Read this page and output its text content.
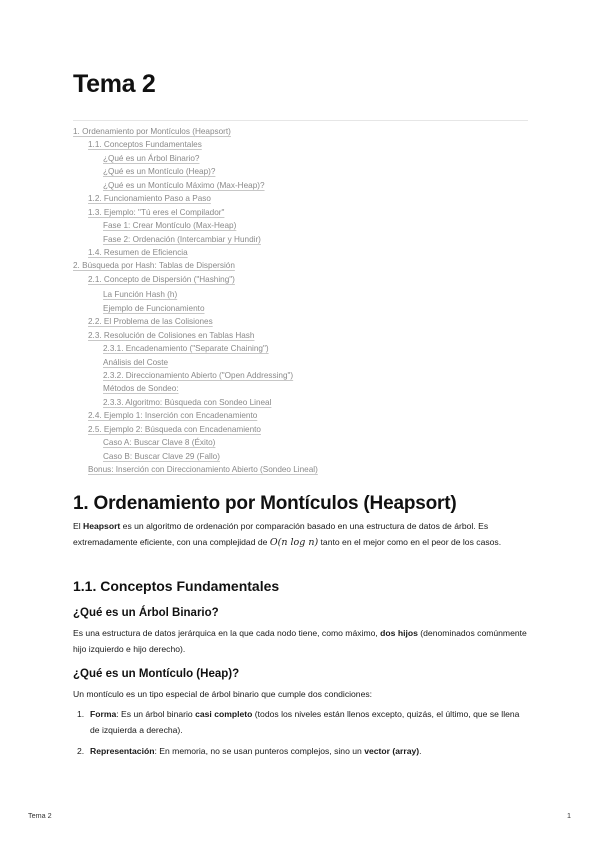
Tema 2
1. Ordenamiento por Montículos (Heapsort)
1.1. Conceptos Fundamentales
¿Qué es un Árbol Binario?
¿Qué es un Montículo (Heap)?
¿Qué es un Montículo Máximo (Max-Heap)?
1.2. Funcionamiento Paso a Paso
1.3. Ejemplo: "Tú eres el Compilador"
Fase 1: Crear Montículo (Max-Heap)
Fase 2: Ordenación (Intercambiar y Hundir)
1.4. Resumen de Eficiencia
2. Búsqueda por Hash: Tablas de Dispersión
2.1. Concepto de Dispersión ("Hashing")
La Función Hash (h)
Ejemplo de Funcionamiento
2.2. El Problema de las Colisiones
2.3. Resolución de Colisiones en Tablas Hash
2.3.1. Encadenamiento ("Separate Chaining")
Análisis del Coste
2.3.2. Direccionamiento Abierto ("Open Addressing")
Métodos de Sondeo:
2.3.3. Algoritmo: Búsqueda con Sondeo Lineal
2.4. Ejemplo 1: Inserción con Encadenamiento
2.5. Ejemplo 2: Búsqueda con Encadenamiento
Caso A: Buscar Clave 8 (Éxito)
Caso B: Buscar Clave 29 (Fallo)
Bonus: Inserción con Direccionamiento Abierto (Sondeo Lineal)
1. Ordenamiento por Montículos (Heapsort)

El Heapsort es un algoritmo de ordenación por comparación basado en una estructura de datos de árbol. Es extremadamente eficiente, con una complejidad de O(n log n) tanto en el mejor como en el peor de los casos.

1.1. Conceptos Fundamentales
¿Qué es un Árbol Binario?

Es una estructura de datos jerárquica en la que cada nodo tiene, como máximo, dos hijos (denominados comúnmente hijo izquierdo e hijo derecho).

¿Qué es un Montículo (Heap)?

Un montículo es un tipo especial de árbol binario que cumple dos condiciones:

1. Forma: Es un árbol binario casi completo (todos los niveles están llenos excepto, quizás, el último, que se llena de izquierda a derecha).
2. Representación: En memoria, no se usan punteros complejos, sino un vector (array).
Tema 2	1
